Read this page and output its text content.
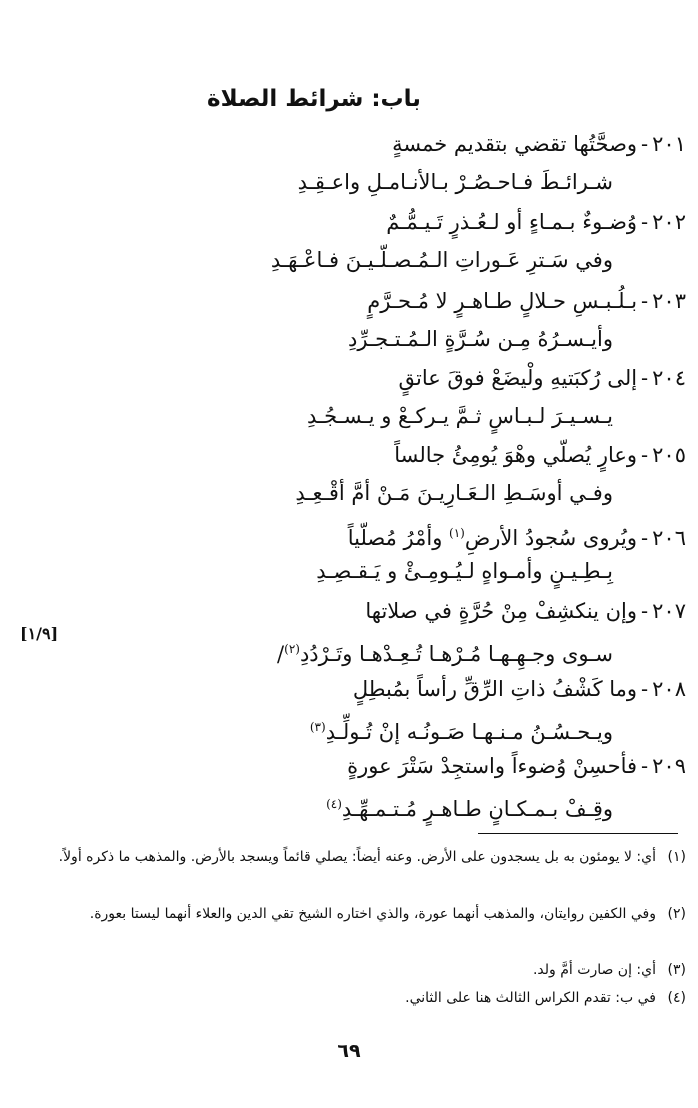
باب: شرائط الصلاة
٢٠١-وصحَّتُها تقضي بتقديم خمسةٍ
شـرائـطَ فـاحـصُـرْ بـالأنـامـلِ واعـقِـدِ
٢٠٢-وُضـوءٌ بـمـاءٍ أو لـعُـذرٍ تَـيـمُّـمٌ
وفي سَـترِ عَـوراتِ الـمُـصـلّـيـنَ فـاعْـهَـدِ
٢٠٣-بـلُـبـسِ حـلالٍ طـاهـرٍ لا مُـحـرَّمٍ
وأيـسـرُهُ مِـن سُـرَّةٍ الـمُـتـجـرِّدِ
٢٠٤-إلى رُكبَتيهِ ولْيضَعْ فوقَ عاتقٍ
يـسـيـرَ لـبـاسٍ ثـمَّ يـركـعْ و يـسـجُـدِ
٢٠٥-وعارٍ يُصلّي وهْوَ يُومِئُ جالساً
وفـي أوسَـطِ الـعَـارِيـنَ مَـنْ أمَّ أقْـعِـدِ
٢٠٦-ويُروى سُجودُ الأرضِ$^{(١)}$ وأمْرُ مُصلّياً
بِـطِـيـنٍ وأمـواهٍ لـيُـومِـئْ و يَـقـصِـدِ
٢٠٧-وإن ينكشِفْ مِنْ حُرَّةٍ في صلاتها
سـوى وجـهِـهـا مُـرْهـا تُـعِـدْهـا وتَـرْدُدِ$^{(٢)}$/
٢٠٨-وما كَشْفُ ذاتِ الرِّقِّ رأساً بمُبطِلٍ
ويـحـسُـنُ مـنـهـا صَـونُـه إنْ تُـولِّـدِ$^{(٣)}$
٢٠٩-فأحسِنْ وُضوءاً واستجِدْ سَتْرَ عورةٍ
وقِـفْ بـمـكـانٍ طـاهـرٍ مُـتـمـهِّـدِ$^{(٤)}$
[١/٩]
(١)أي: لا يومئون به بل يسجدون على الأرض. وعنه أيضاً: يصلي قائماً ويسجد بالأرض. والمذهب ما ذكره أولاً.
(٢)وفي الكفين روايتان، والمذهب أنهما عورة، والذي اختاره الشيخ تقي الدين والعلاء أنهما ليستا بعورة.
(٣)أي: إن صارت أمَّ ولد.
(٤)في ب: تقدم الكراس الثالث هنا على الثاني.
٦٩
